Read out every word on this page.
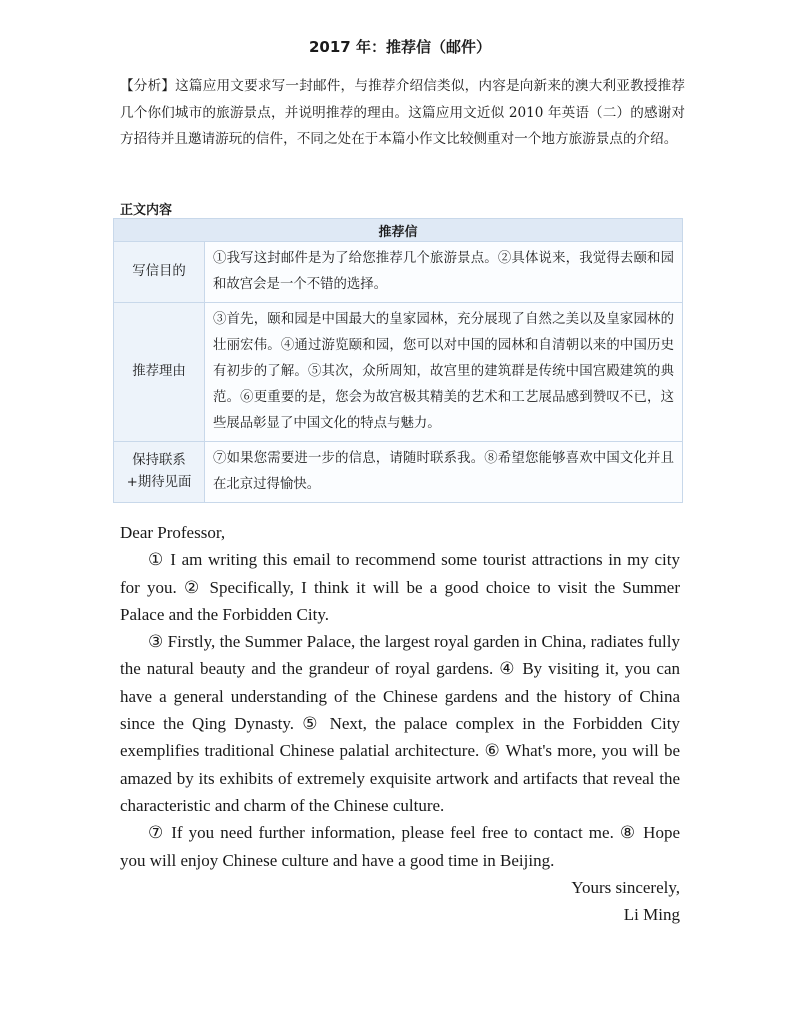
2017 年：推荐信（邮件）
【分析】这篇应用文要求写一封邮件，与推荐介绍信类似，内容是向新来的澳大利亚教授推荐几个你们城市的旅游景点，并说明推荐的理由。这篇应用文近似 2010 年英语（二）的感谢对方招待并且邀请游玩的信件，不同之处在于本篇小作文比较侧重对一个地方旅游景点的介绍。
正文内容
推荐信	
写信目的	①我写这封邮件是为了给您推荐几个旅游景点。②具体说来，我觉得去颐和园和故宫会是一个不错的选择。
推荐理由	③首先，颐和园是中国最大的皇家园林，充分展现了自然之美以及皇家园林的壮丽宏伟。④通过游览颐和园，您可以对中国的园林和自清朝以来的中国历史有初步的了解。⑤其次，众所周知，故宫里的建筑群是传统中国宫殿建筑的典范。⑥更重要的是，您会为故宫极其精美的艺术和工艺展品感到赞叹不已，这些展品彰显了中国文化的特点与魅力。

保持联系
+期待见面	⑦如果您需要进一步的信息，请随时联系我。⑧希望您能够喜欢中国文化并且在北京过得愉快。

Dear Professor,

① I am writing this email to recommend some tourist attractions in my city for you. ② Specifically, I think it will be a good choice to visit the Summer Palace and the Forbidden City.

③ Firstly, the Summer Palace, the largest royal garden in China, radiates fully the natural beauty and the grandeur of royal gardens. ④ By visiting it, you can have a general understanding of the Chinese gardens and the history of China since the Qing Dynasty. ⑤ Next, the palace complex in the Forbidden City exemplifies traditional Chinese palatial architecture. ⑥ What's more, you will be amazed by its exhibits of extremely exquisite artwork and artifacts that reveal the characteristic and charm of the Chinese culture.

⑦ If you need further information, please feel free to contact me. ⑧ Hope you will enjoy Chinese culture and have a good time in Beijing.

Yours sincerely,

Li Ming
